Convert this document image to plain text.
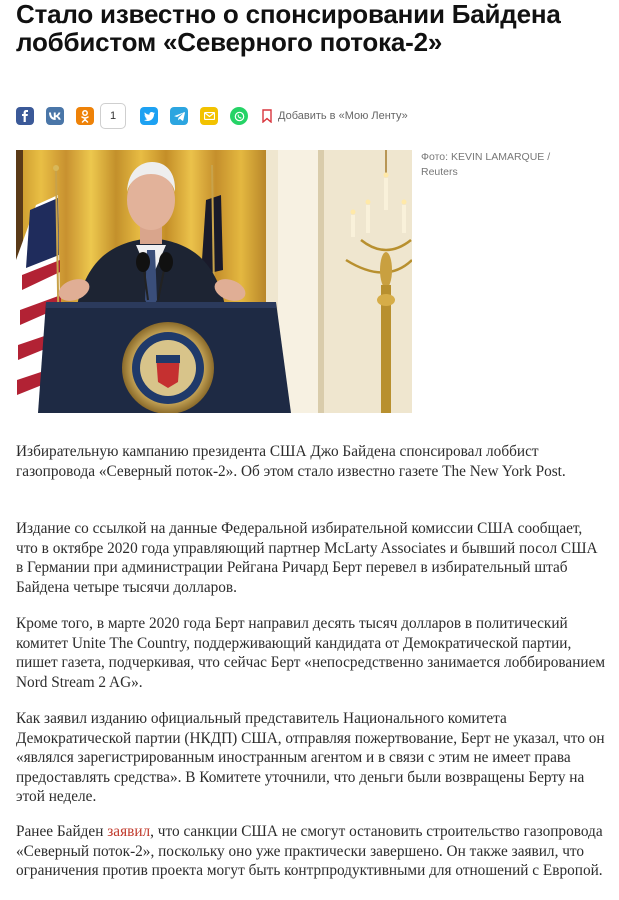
Стало известно о спонсировании Байдена лоббистом «Северного потока-2»
1	Добавить в «Мою Ленту»
Фото: KEVIN LAMARQUE / Reuters

Избирательную кампанию президента США Джо Байдена спонсировал лоббист газопровода «Северный поток-2». Об этом стало известно газете The New York Post.

Издание со ссылкой на данные Федеральной избирательной комиссии США сообщает, что в октябре 2020 года управляющий партнер McLarty Associates и бывший посол США в Германии при администрации Рейгана Ричард Берт перевел в избирательный штаб Байдена четыре тысячи долларов.

Кроме того, в марте 2020 года Берт направил десять тысяч долларов в политический комитет Unite The Country, поддерживающий кандидата от Демократической партии, пишет газета, подчеркивая, что сейчас Берт «непосредственно занимается лоббированием Nord Stream 2 AG».

Как заявил изданию официальный представитель Национального комитета Демократической партии (НКДП) США, отправляя пожертвование, Берт не указал, что он «являлся зарегистрированным иностранным агентом и в связи с этим не имеет права предоставлять средства». В Комитете уточнили, что деньги были возвращены Берту на этой неделе.

Ранее Байден заявил, что санкции США не смогут остановить строительство газопровода «Северный поток-2», поскольку оно уже практически завершено. Он также заявил, что ограничения против проекта могут быть контрпродуктивными для отношений с Европой.
